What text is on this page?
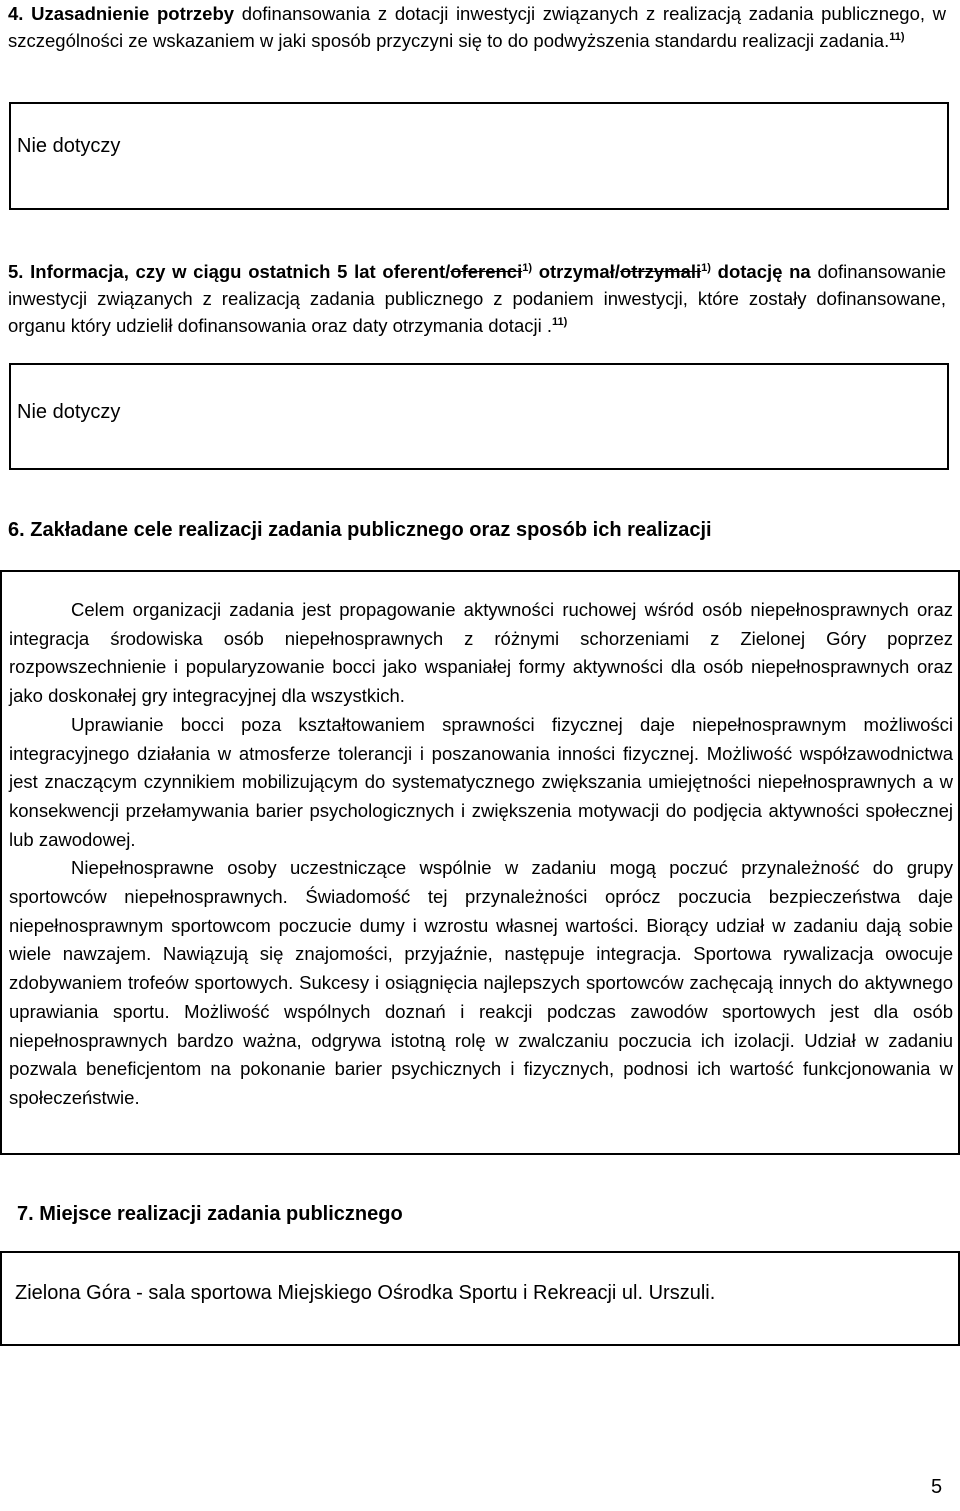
4. Uzasadnienie potrzeby dofinansowania z dotacji inwestycji związanych z realizacją zadania publicznego, w szczególności ze wskazaniem w jaki sposób przyczyni się to do podwyższenia standardu realizacji zadania.$^{11)}$
Nie dotyczy
5. Informacja, czy w ciągu ostatnich 5 lat oferent/oferenci$^{1)}$ otrzymał/otrzymali$^{1)}$ dotację na dofinansowanie inwestycji związanych z realizacją zadania publicznego z podaniem inwestycji, które zostały dofinansowane, organu który udzielił dofinansowania oraz daty otrzymania dotacji .$^{11)}$
Nie dotyczy
6. Zakładane cele realizacji zadania publicznego oraz sposób ich realizacji

Celem organizacji zadania jest propagowanie aktywności ruchowej wśród osób niepełnosprawnych oraz integracja środowiska osób niepełnosprawnych z różnymi schorzeniami z Zielonej Góry poprzez rozpowszechnienie i popularyzowanie bocci jako wspaniałej formy aktywności dla osób niepełnosprawnych oraz jako doskonałej gry integracyjnej dla wszystkich.

Uprawianie bocci poza kształtowaniem sprawności fizycznej daje niepełnosprawnym możliwości integracyjnego działania w atmosferze tolerancji i poszanowania inności fizycznej. Możliwość współzawodnictwa jest znaczącym czynnikiem mobilizującym do systematycznego zwiększania umiejętności niepełnosprawnych a w konsekwencji przełamywania barier psychologicznych i zwiększenia motywacji do podjęcia aktywności społecznej lub zawodowej.

Niepełnosprawne osoby uczestniczące wspólnie w zadaniu mogą poczuć przynależność do grupy sportowców niepełnosprawnych. Świadomość tej przynależności oprócz poczucia bezpieczeństwa daje niepełnosprawnym sportowcom poczucie dumy i wzrostu własnej wartości. Biorący udział w zadaniu dają sobie wiele nawzajem. Nawiązują się znajomości, przyjaźnie, następuje integracja. Sportowa rywalizacja owocuje zdobywaniem trofeów sportowych. Sukcesy i osiągnięcia najlepszych sportowców zachęcają innych do aktywnego uprawiania sportu. Możliwość wspólnych doznań i reakcji podczas zawodów sportowych jest dla osób niepełnosprawnych bardzo ważna, odgrywa istotną rolę w zwalczaniu poczucia ich izolacji. Udział w zadaniu pozwala beneficjentom na pokonanie barier psychicznych i fizycznych, podnosi ich wartość funkcjonowania w społeczeństwie.

7. Miejsce realizacji zadania publicznego
Zielona Góra - sala sportowa Miejskiego Ośrodka Sportu i Rekreacji ul. Urszuli.
5
